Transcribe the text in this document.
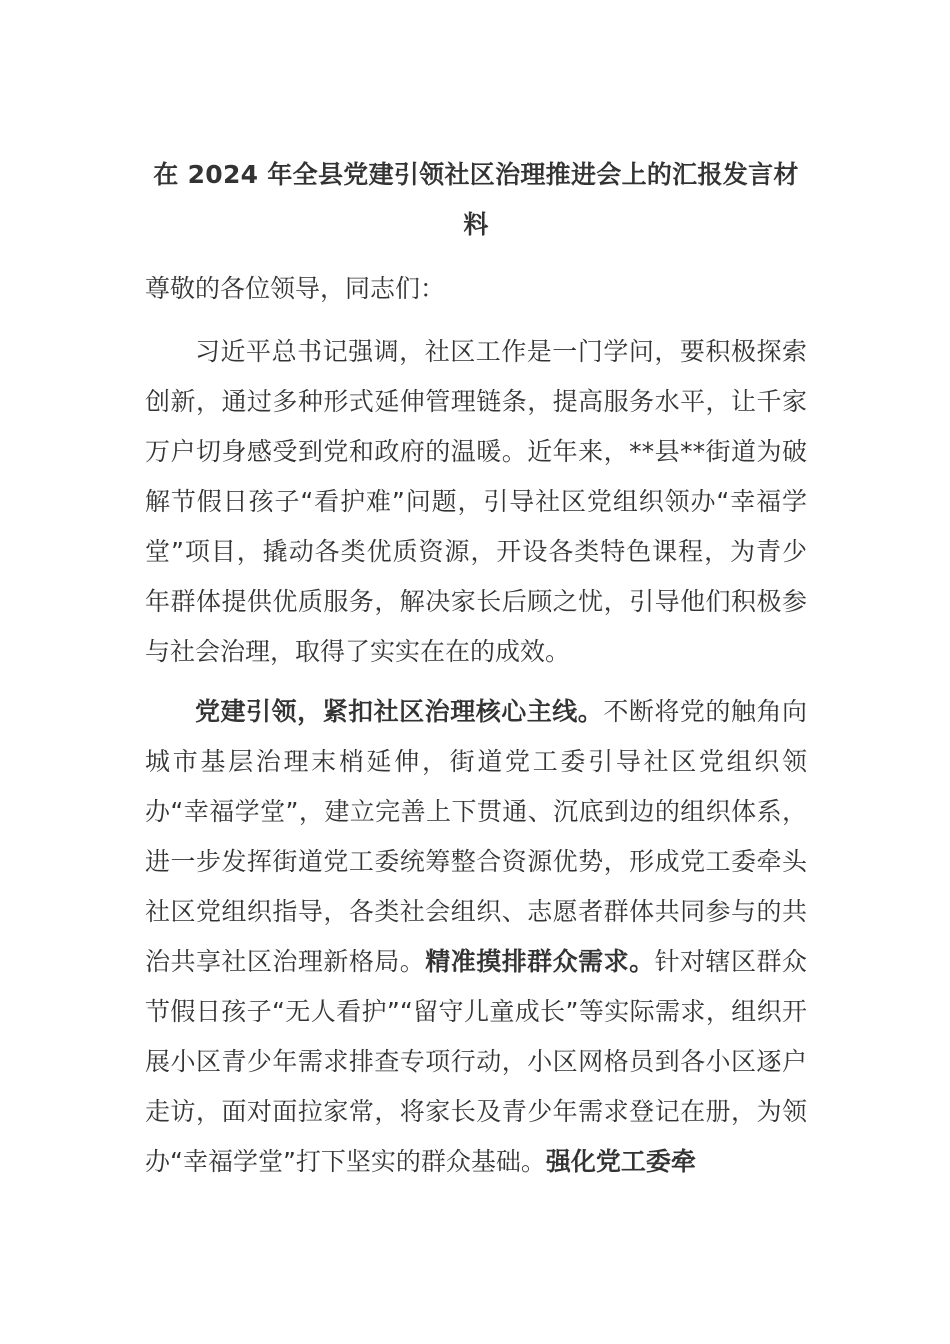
在 2024 年全县党建引领社区治理推进会上的汇报发言材料

尊敬的各位领导，同志们：

习近平总书记强调，社区工作是一门学问，要积极探索创新，通过多种形式延伸管理链条，提高服务水平，让千家万户切身感受到党和政府的温暖。近年来，**县**街道为破解节假日孩子“看护难”问题，引导社区党组织领办“幸福学堂”项目，撬动各类优质资源，开设各类特色课程，为青少年群体提供优质服务，解决家长后顾之忧，引导他们积极参与社会治理，取得了实实在在的成效。

党建引领，紧扣社区治理核心主线。不断将党的触角向城市基层治理末梢延伸，街道党工委引导社区党组织领办“幸福学堂”，建立完善上下贯通、沉底到边的组织体系，进一步发挥街道党工委统筹整合资源优势，形成党工委牵头社区党组织指导，各类社会组织、志愿者群体共同参与的共治共享社区治理新格局。精准摸排群众需求。针对辖区群众节假日孩子“无人看护”“留守儿童成长”等实际需求，组织开展小区青少年需求排查专项行动，小区网格员到各小区逐户走访，面对面拉家常，将家长及青少年需求登记在册，为领办“幸福学堂”打下坚实的群众基础。强化党工委牵
